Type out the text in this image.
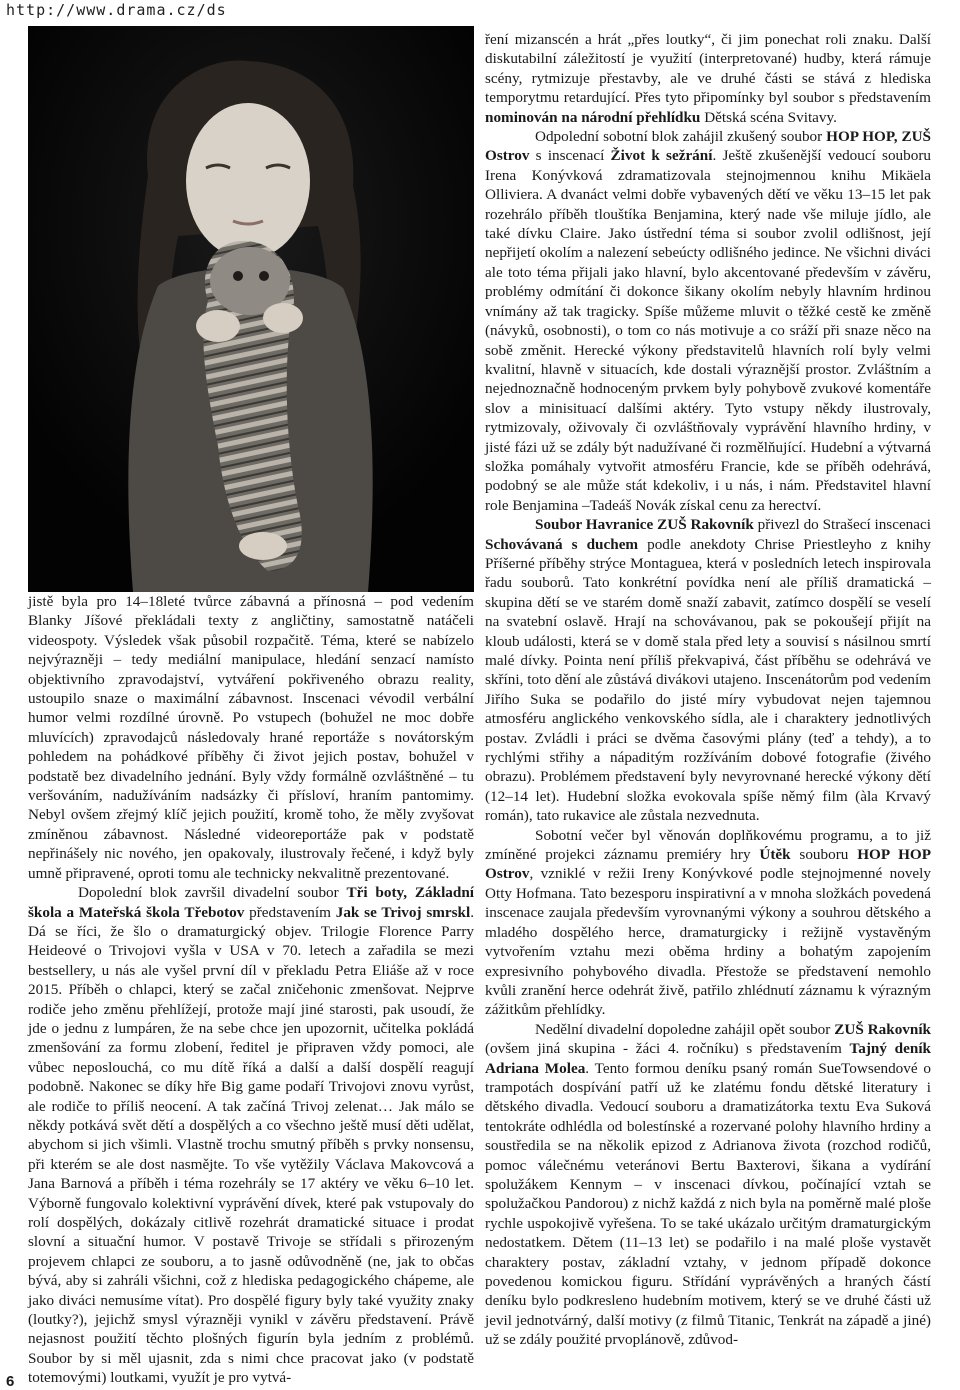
http://www.drama.cz/ds

jistě byla pro 14–18leté tvůrce zábavná a přínosná – pod vedením Blanky Jíšové překládali texty z angličtiny, samostatně natáčeli videospoty. Výsledek však působil rozpačitě. Téma, které se nabízelo nejvýrazněji – tedy mediální manipulace, hledání senzací namísto objektivního zpravodajství, vytváření pokřiveného obrazu reality, ustoupilo snaze o maximální zábavnost. Inscenaci vévodil verbální humor velmi rozdílné úrovně. Po vstupech (bohužel ne moc dobře mluvících) zpravodajců následovaly hrané reportáže s novátorským pohledem na pohádkové příběhy či život jejich postav, bohužel v podstatě bez divadelního jednání. Byly vždy formálně ozvláštněné – tu veršováním, nadužíváním nadsázky či přísloví, hraním pantomimy. Nebyl ovšem zřejmý klíč jejich použití, kromě toho, že měly zvyšovat zmíněnou zábavnost. Následné videoreportáže pak v podstatě nepřinášely nic nového, jen opakovaly, ilustrovaly řečené, i když byly umně připravené, oproti tomu ale technicky nekvalitně prezentované.

Dopolední blok završil divadelní soubor Tři boty, Základní škola a Mateřská škola Třebotov představením Jak se Trivoj smrskl. Dá se říci, že šlo o dramaturgický objev. Trilogie Florence Parry Heideové o Trivojovi vyšla v USA v 70. letech a zařadila se mezi bestsellery, u nás ale vyšel první díl v překladu Petra Eliáše až v roce 2015. Příběh o chlapci, který se začal zničehonic zmenšovat. Nejprve rodiče jeho změnu přehlížejí, protože mají jiné starosti, pak usoudí, že jde o jednu z lumpáren, že na sebe chce jen upozornit, učitelka pokládá zmenšování za formu zlobení, ředitel je připraven vždy pomoci, ale vůbec neposlouchá, co mu dítě říká a další a další dospělí reagují podobně. Nakonec se díky hře Big game podaří Trivojovi znovu vyrůst, ale rodiče to příliš neocení. A tak začíná Trivoj zelenat… Jak málo se někdy potkává svět dětí a dospělých a co všechno ještě musí děti udělat, abychom si jich všimli. Vlastně trochu smutný příběh s prvky nonsensu, při kterém se ale dost nasmějte. To vše vytěžily Václava Makovcová a Jana Barnová a příběh i téma rozehrály se 17 aktéry ve věku 6–10 let. Výborně fungovalo kolektivní vyprávění dívek, které pak vstupovaly do rolí dospělých, dokázaly citlivě rozehrát dramatické situace i prodat slovní a situační humor. V postavě Trivoje se střídali s přirozeným projevem chlapci ze souboru, a to jasně odůvodněně (ne, jak to občas bývá, aby si zahráli všichni, což z hlediska pedagogického chápeme, ale jako diváci nemusíme vítat). Pro dospělé figury byly také využity znaky (loutky?), jejichž smysl výrazněji vynikl v závěru představení. Právě nejasnost použití těchto plošných figurín byla jedním z problémů. Soubor by si měl ujasnit, zda s nimi chce pracovat jako (v podstatě totemovými) loutkami, využít je pro vytvá-

ření mizanscén a hrát „přes loutky“, či jim ponechat roli znaku. Další diskutabilní záležitostí je využití (interpretované) hudby, která rámuje scény, rytmizuje přestavby, ale ve druhé části se stává z hlediska temporytmu retardující. Přes tyto připomínky byl soubor s představením nominován na národní přehlídku Dětská scéna Svitavy.

Odpolední sobotní blok zahájil zkušený soubor HOP HOP, ZUŠ Ostrov s inscenací Život k sežrání. Ještě zkušenější vedoucí souboru Irena Konývková zdramatizovala stejnojmennou knihu Mikäela Olliviera. A dvanáct velmi dobře vybavených dětí ve věku 13–15 let pak rozehrálo příběh tlouštíka Benjamina, který nade vše miluje jídlo, ale také dívku Claire. Jako ústřední téma si soubor zvolil odlišnost, její nepřijetí okolím a nalezení sebeúcty odlišného jedince. Ne všichni diváci ale toto téma přijali jako hlavní, bylo akcentované především v závěru, problémy odmítání či dokonce šikany okolím nebyly hlavním hrdinou vnímány až tak tragicky. Spíše můžeme mluvit o těžké cestě ke změně (návyků, osobnosti), o tom co nás motivuje a co sráží při snaze něco na sobě změnit. Herecké výkony představitelů hlavních rolí byly velmi kvalitní, hlavně v situacích, kde dostali výraznější prostor. Zvláštním a nejednoznačně hodnoceným prvkem byly pohybově zvukové komentáře slov a minisituací dalšími aktéry. Tyto vstupy někdy ilustrovaly, rytmizovaly, oživovaly či ozvláštňovaly vyprávění hlavního hrdiny, v jisté fázi už se zdály být nadužívané či rozmělňující. Hudební a výtvarná složka pomáhaly vytvořit atmosféru Francie, kde se příběh odehrává, podobný se ale může stát kdekoliv, i u nás, i nám. Představitel hlavní role Benjamina –Tadeáš Novák získal cenu za herectví.

Soubor Havranice ZUŠ Rakovník přivezl do Strašecí inscenaci Schovávaná s duchem podle anekdoty Chrise Priestleyho z knihy Příšerné příběhy strýce Montaguea, která v posledních letech inspirovala řadu souborů. Tato konkrétní povídka není ale příliš dramatická – skupina dětí se ve starém domě snaží zabavit, zatímco dospělí se veselí na svatební oslavě. Hrají na schovávanou, pak se pokoušejí přijít na kloub události, která se v domě stala před lety a souvisí s násilnou smrtí malé dívky. Pointa není příliš překvapivá, část příběhu se odehrává ve skříni, toto dění ale zůstává divákovi utajeno. Inscenátorům pod vedením Jiřího Suka se podařilo do jisté míry vybudovat nejen tajemnou atmosféru anglického venkovského sídla, ale i charaktery jednotlivých postav. Zvládli i práci se dvěma časovými plány (teď a tehdy), a to rychlými střihy a nápaditým rozžíváním dobové fotografie (živého obrazu). Problémem představení byly nevyrovnané herecké výkony dětí (12–14 let). Hudební složka evokovala spíše němý film (àla Krvavý román), tato rukavice ale zůstala nezvednuta.

Sobotní večer byl věnován doplňkovému programu, a to již zmíněné projekci záznamu premiéry hry Útěk souboru HOP HOP Ostrov, vzniklé v režii Ireny Konývkové podle stejnojmenné novely Otty Hofmana. Tato bezesporu inspirativní a v mnoha složkách povedená inscenace zaujala především vyrovnanými výkony a souhrou dětského a mladého dospělého herce, dramaturgicky i režijně vystavěným vytvořením vztahu mezi oběma hrdiny a bohatým zapojením expresivního pohybového divadla. Přestože se představení nemohlo kvůli zranění herce odehrát živě, patřilo zhlédnutí záznamu k výrazným zážitkům přehlídky.

Nedělní divadelní dopoledne zahájil opět soubor ZUŠ Rakovník (ovšem jiná skupina - žáci 4. ročníku) s představením Tajný deník Adriana Molea. Tento formou deníku psaný román SueTowsendové o trampotách dospívání patří už ke zlatému fondu dětské literatury i dětského divadla. Vedoucí souboru a dramatizátorka textu Eva Suková tentokráte odhlédla od bolestínské a rozervané polohy hlavního hrdiny a soustředila se na několik epizod z Adrianova života (rozchod rodičů, pomoc válečnému veteránovi Bertu Baxterovi, šikana a vydírání spolužákem Kennym – v inscenaci dívkou, počínající vztah se spolužačkou Pandorou) z nichž každá z nich byla na poměrně malé ploše rychle uspokojivě vyřešena. To se také ukázalo určitým dramaturgickým nedostatkem. Dětem (11–13 let) se podařilo i na malé ploše vystavět charaktery postav, základní vztahy, v jednom případě dokonce povedenou komickou figuru. Střídání vyprávěných a hraných částí deníku bylo podkresleno hudebním motivem, který se ve druhé části už jevil jednotvárný, další motivy (z filmů Titanic, Tenkrát na západě a jiné) už se zdály použité prvoplánově, zdůvod-

6
